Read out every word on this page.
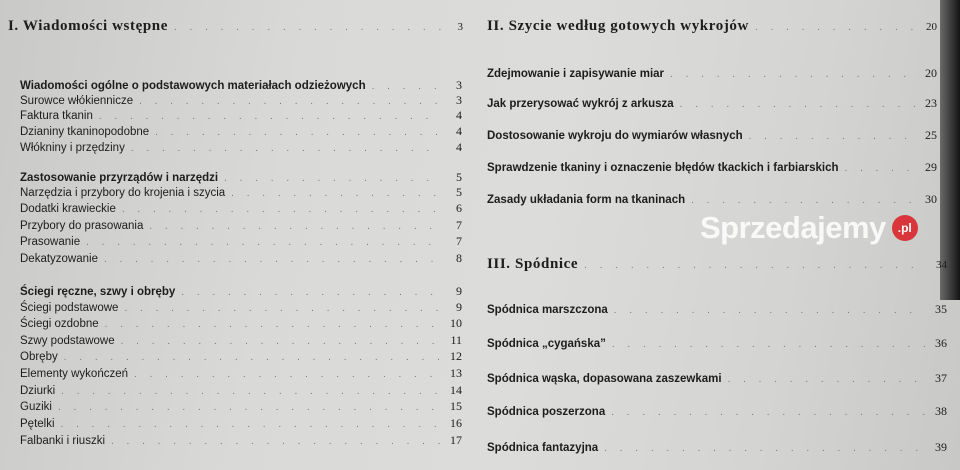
I. Wiadomości wstępne . . .	3
Wiadomości ogólne o podstawowych materiałach odzieżowych . . .	3
Surowce włókiennicze . . .	3
Faktura tkanin . . .	4
Dzianiny tkaninopodobne . . .	4
Włókniny i przędziny . . .	4
Zastosowanie przyrządów i narzędzi . . .	5
Narzędzia i przybory do krojenia i szycia . . .	5
Dodatki krawieckie . . .	6
Przybory do prasowania . . .	7
Prasowanie . . .	7
Dekatyzowanie . . .	8
Ściegi ręczne, szwy i obręby . . .	9
Ściegi podstawowe . . .	9
Ściegi ozdobne . . .	10
Szwy podstawowe . . .	11
Obręby . . .	12
Elementy wykończeń . . .	13
Dziurki . . .	14
Guziki . . .	15
Pętelki . . .	16
Falbanki i riuszki . . .	17
II. Szycie według gotowych wykrojów . . .	20
Zdejmowanie i zapisywanie miar . . .	20
Jak przerysować wykrój z arkusza . . .	23
Dostosowanie wykroju do wymiarów własnych . . .	25
Sprawdzenie tkaniny i oznaczenie błędów tkackich i farbiarskich . . .	29
Zasady układania form na tkaninach . . .	30
III. Spódnice . . .	34
Spódnica marszczona . . .	35
Spódnica „cygańska” . . .	36
Spódnica wąska, dopasowana zaszewkami . . .	37
Spódnica poszerzona . . .	38
Spódnica fantazyjna . . .	39
Sprzedajemy	.pl
